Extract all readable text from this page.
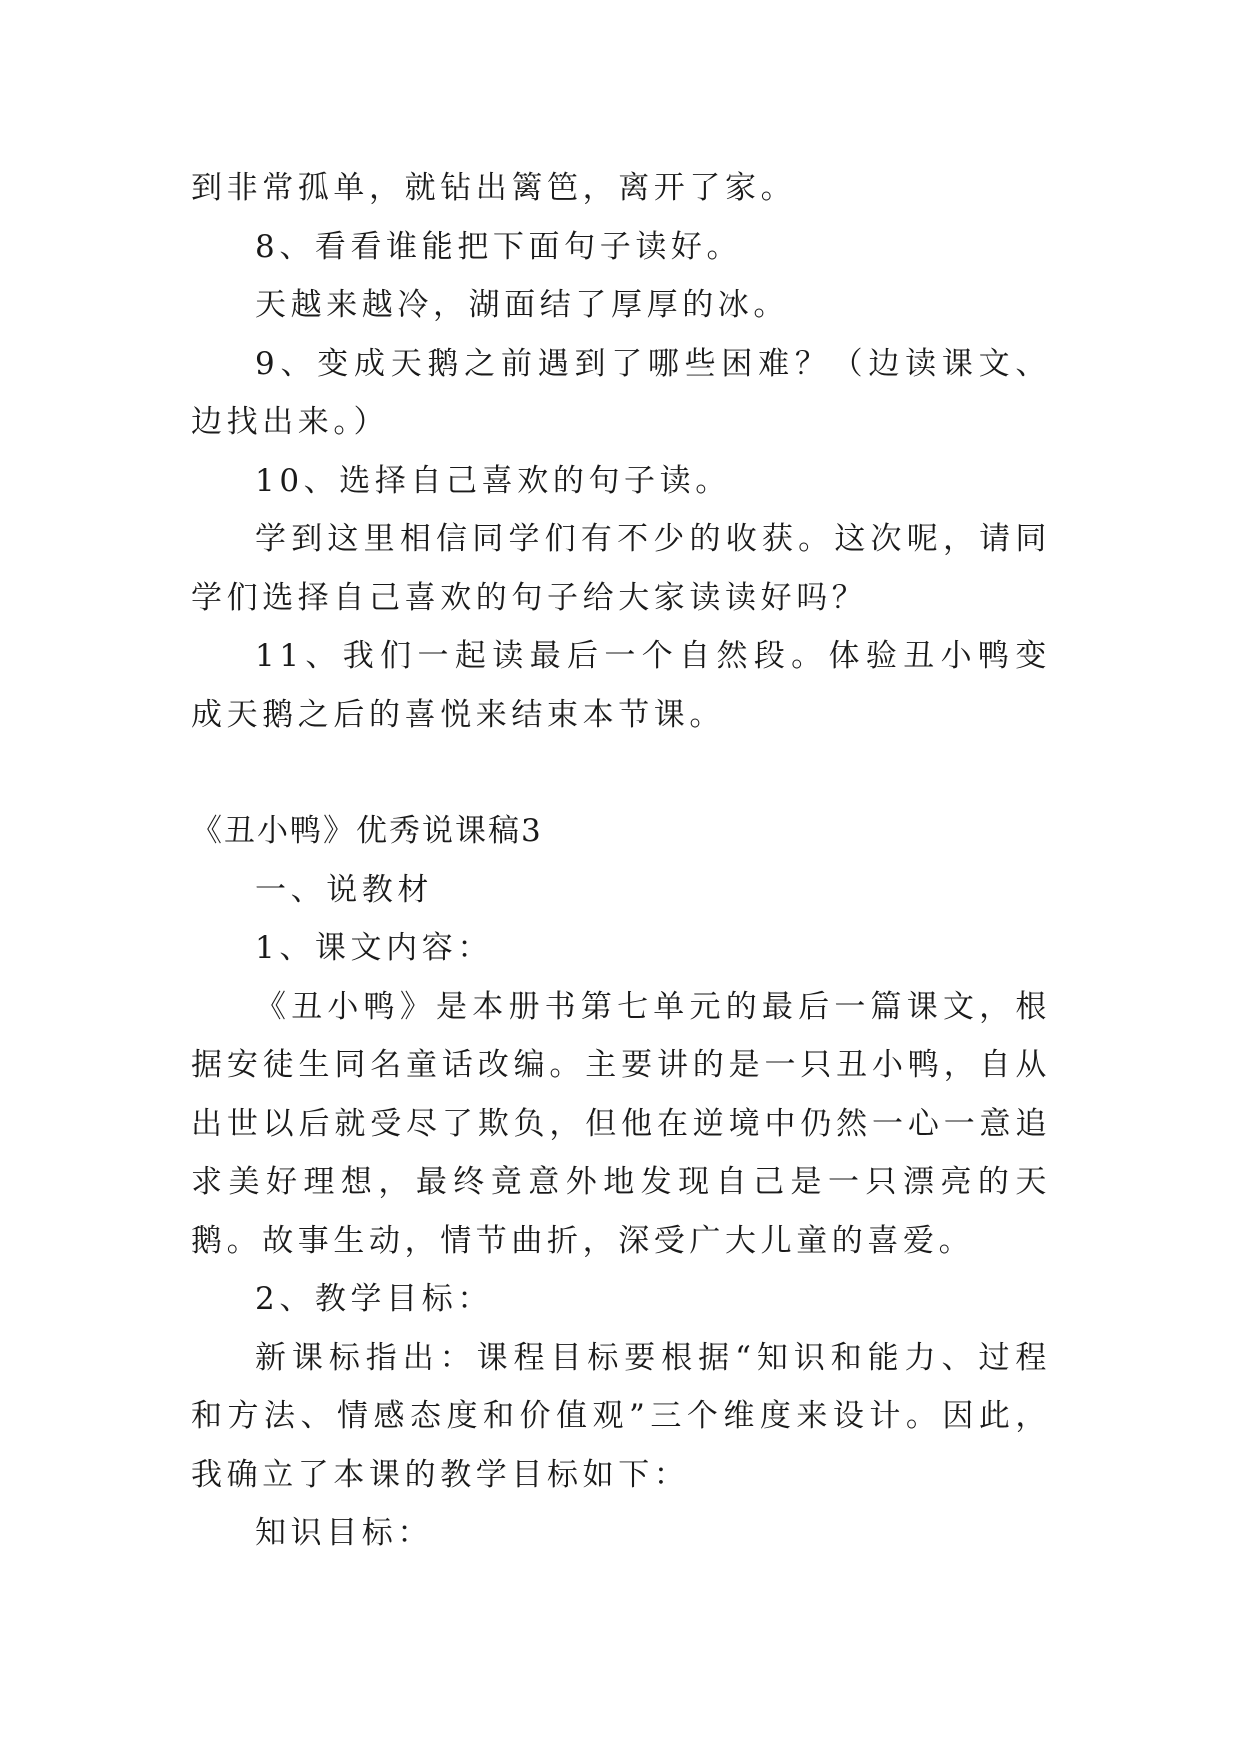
到非常孤单，就钻出篱笆，离开了家。

8、看看谁能把下面句子读好。

天越来越冷，湖面结了厚厚的冰。

9、变成天鹅之前遇到了哪些困难？（边读课文、边找出来。）

10、选择自己喜欢的句子读。

学到这里相信同学们有不少的收获。这次呢，请同学们选择自己喜欢的句子给大家读读好吗？

11、我们一起读最后一个自然段。体验丑小鸭变成天鹅之后的喜悦来结束本节课。

《丑小鸭》优秀说课稿3

一、说教材

1、课文内容：

《丑小鸭》是本册书第七单元的最后一篇课文，根据安徒生同名童话改编。主要讲的是一只丑小鸭，自从出世以后就受尽了欺负，但他在逆境中仍然一心一意追求美好理想，最终竟意外地发现自己是一只漂亮的天鹅。故事生动，情节曲折，深受广大儿童的喜爱。

2、教学目标：

新课标指出：课程目标要根据“知识和能力、过程和方法、情感态度和价值观”三个维度来设计。因此，我确立了本课的教学目标如下：

知识目标：
